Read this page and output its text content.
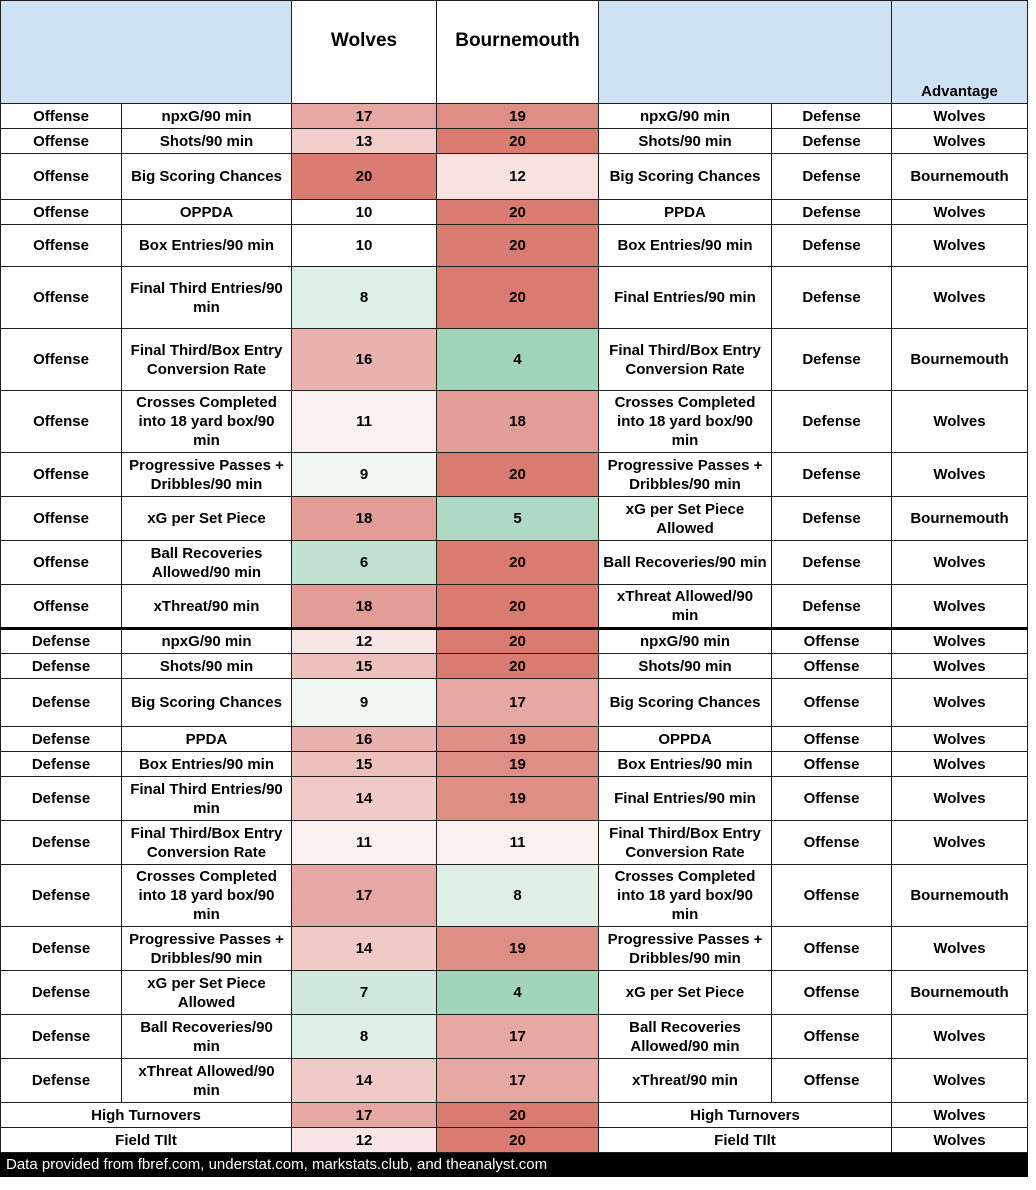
		Wolves	Bournemouth			Advantage
Offense	npxG/90 min	17	19	npxG/90 min	Defense	Wolves
Offense	Shots/90 min	13	20	Shots/90 min	Defense	Wolves
Offense	Big Scoring Chances	20	12	Big Scoring Chances	Defense	Bournemouth
Offense	OPPDA	10	20	PPDA	Defense	Wolves
Offense	Box Entries/90 min	10	20	Box Entries/90 min	Defense	Wolves
Offense	Final Third Entries/90 min	8	20	Final Entries/90 min	Defense	Wolves
Offense	Final Third/Box Entry Conversion Rate	16	4	Final Third/Box Entry Conversion Rate	Defense	Bournemouth
Offense	Crosses Completed into 18 yard box/90 min	11	18	Crosses Completed into 18 yard box/90 min	Defense	Wolves
Offense	Progressive Passes + Dribbles/90 min	9	20	Progressive Passes + Dribbles/90 min	Defense	Wolves
Offense	xG per Set Piece	18	5	xG per Set Piece Allowed	Defense	Bournemouth
Offense	Ball Recoveries Allowed/90 min	6	20	Ball Recoveries/90 min	Defense	Wolves
Offense	xThreat/90 min	18	20	xThreat Allowed/90 min	Defense	Wolves
Defense	npxG/90 min	12	20	npxG/90 min	Offense	Wolves
Defense	Shots/90 min	15	20	Shots/90 min	Offense	Wolves
Defense	Big Scoring Chances	9	17	Big Scoring Chances	Offense	Wolves
Defense	PPDA	16	19	OPPDA	Offense	Wolves
Defense	Box Entries/90 min	15	19	Box Entries/90 min	Offense	Wolves
Defense	Final Third Entries/90 min	14	19	Final Entries/90 min	Offense	Wolves
Defense	Final Third/Box Entry Conversion Rate	11	11	Final Third/Box Entry Conversion Rate	Offense	Wolves
Defense	Crosses Completed into 18 yard box/90 min	17	8	Crosses Completed into 18 yard box/90 min	Offense	Bournemouth
Defense	Progressive Passes + Dribbles/90 min	14	19	Progressive Passes + Dribbles/90 min	Offense	Wolves
Defense	xG per Set Piece Allowed	7	4	xG per Set Piece	Offense	Bournemouth
Defense	Ball Recoveries/90 min	8	17	Ball Recoveries Allowed/90 min	Offense	Wolves
Defense	xThreat Allowed/90 min	14	17	xThreat/90 min	Offense	Wolves
High Turnovers		17	20	High Turnovers		Wolves
Field TIlt		12	20	Field TIlt		Wolves
Data provided from fbref.com, understat.com, markstats.club, and theanalyst.com						
